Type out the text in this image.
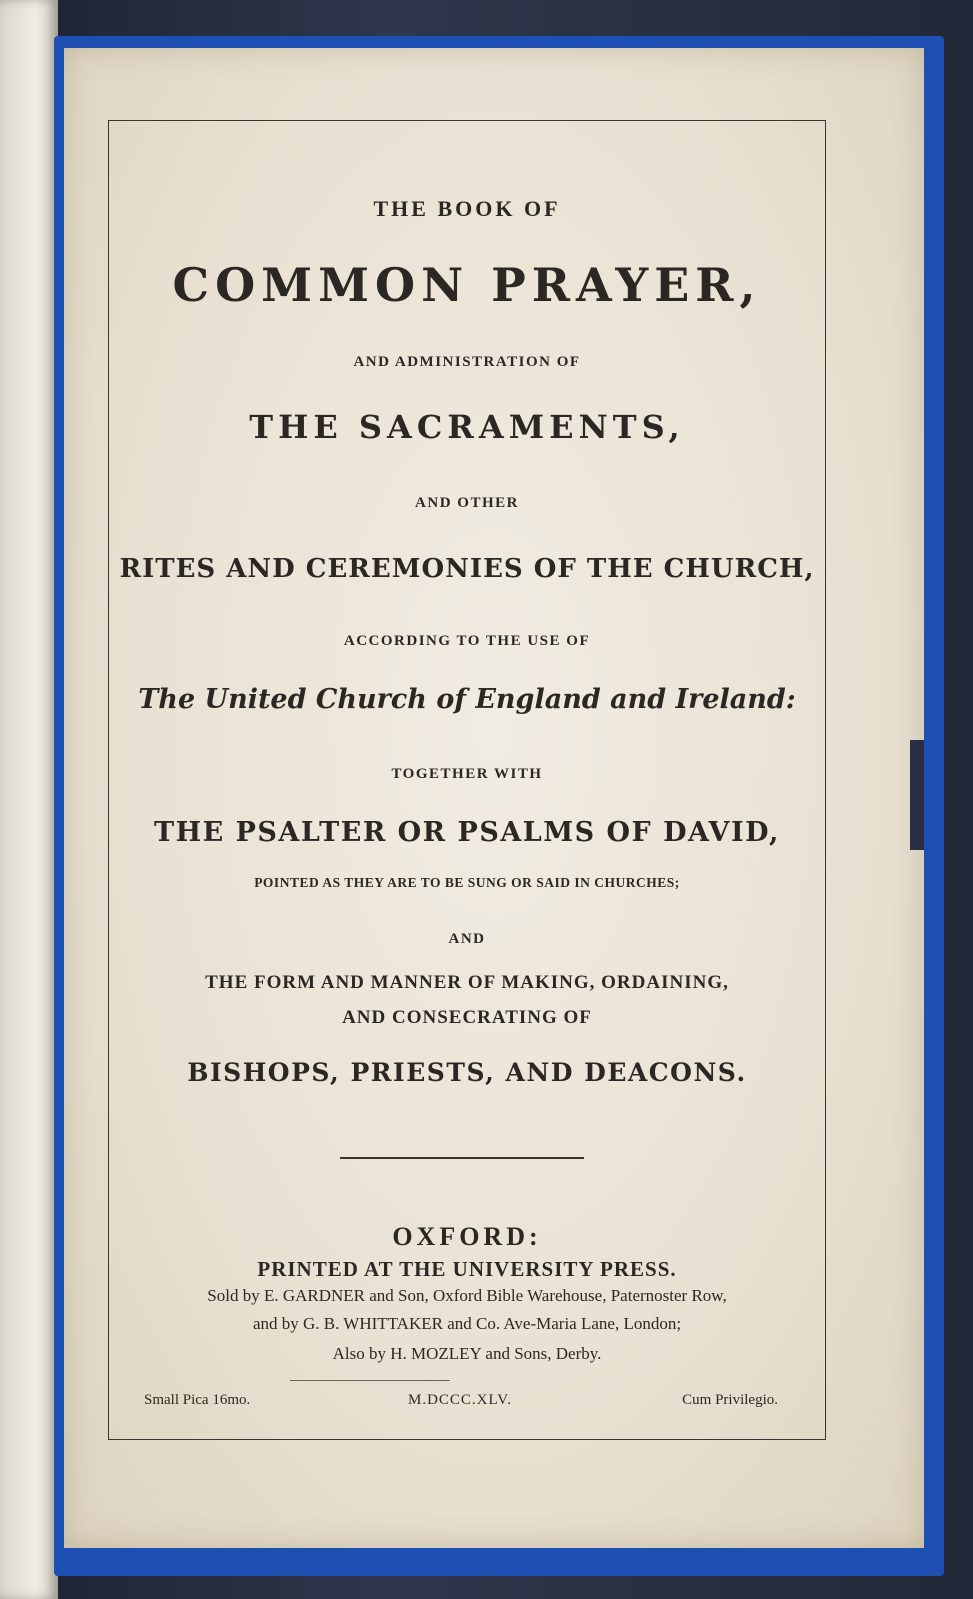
THE BOOK OF
COMMON PRAYER,
AND ADMINISTRATION OF
THE SACRAMENTS,
AND OTHER
RITES AND CEREMONIES OF THE CHURCH,
ACCORDING TO THE USE OF
The United Church of England and Ireland:
TOGETHER WITH
THE PSALTER OR PSALMS OF DAVID,
POINTED AS THEY ARE TO BE SUNG OR SAID IN CHURCHES;
AND
THE FORM AND MANNER OF MAKING, ORDAINING,
AND CONSECRATING OF
BISHOPS, PRIESTS, AND DEACONS.
OXFORD:
PRINTED AT THE UNIVERSITY PRESS.
Sold by E. GARDNER and Son, Oxford Bible Warehouse, Paternoster Row,
and by G. B. WHITTAKER and Co. Ave-Maria Lane, London;
Also by H. MOZLEY and Sons, Derby.
Small Pica 16mo.	M.DCCC.XLV.	Cum Privilegio.
